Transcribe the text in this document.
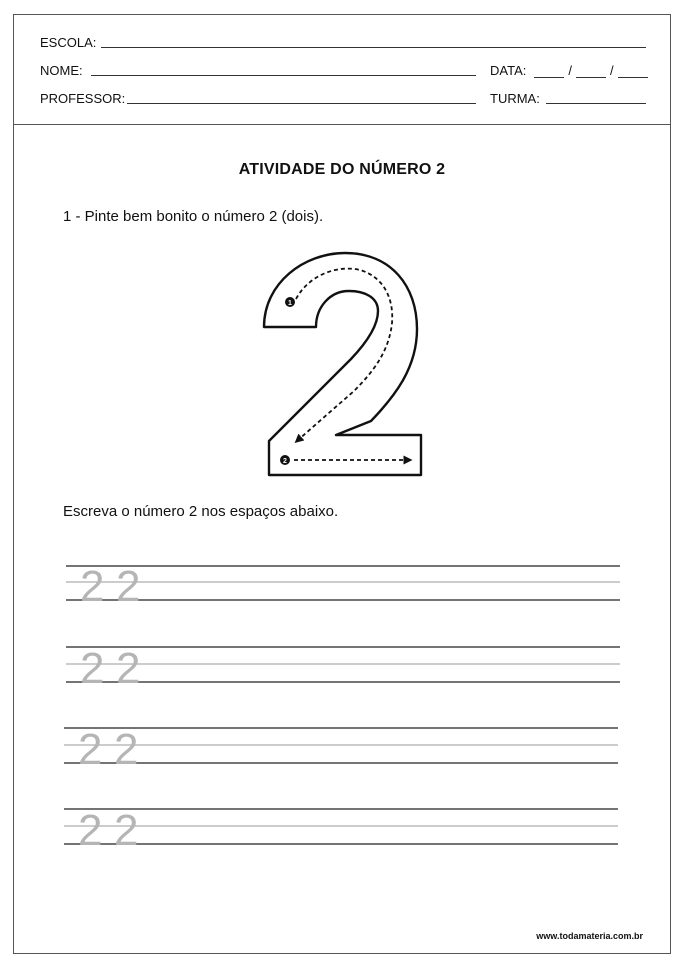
ESCOLA:
NOME:	DATA:	/	/
PROFESSOR:	TURMA:
ATIVIDADE DO NÚMERO 2
1 - Pinte bem bonito o número 2 (dois).
1
2
Escreva o número 2 nos espaços abaixo.
2 2
2 2
2 2
2 2
www.todamateria.com.br
